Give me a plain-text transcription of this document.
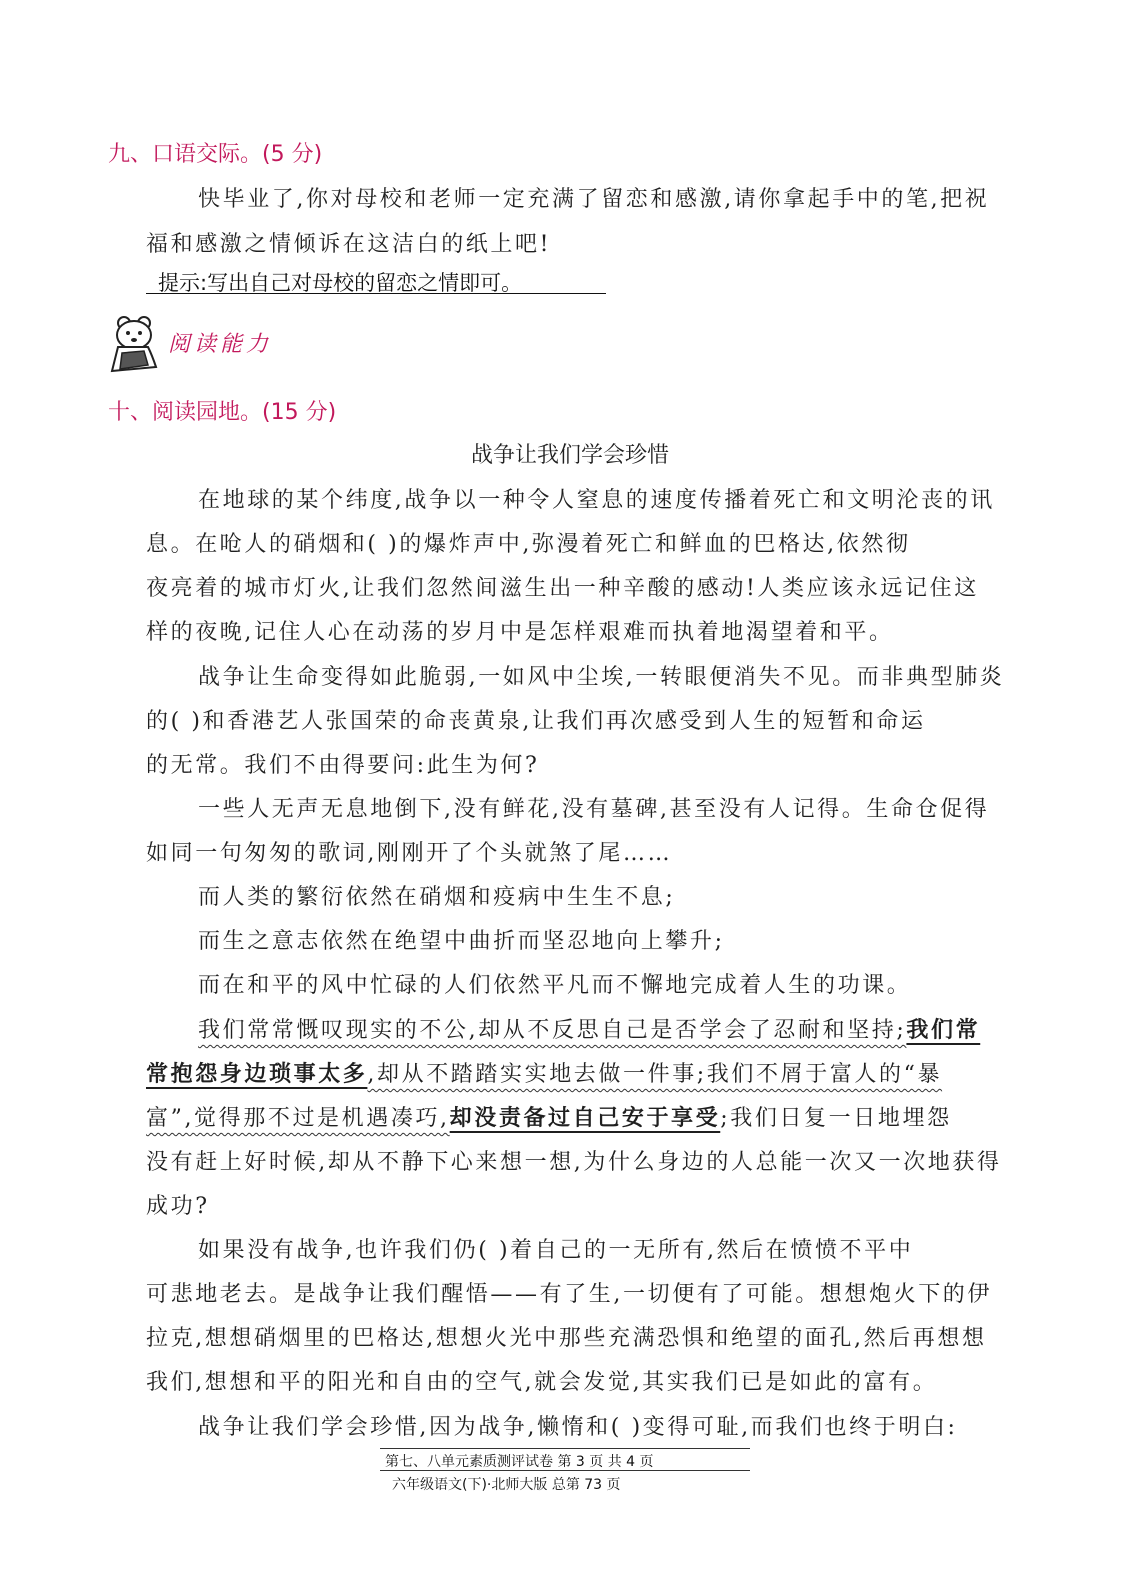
九、口语交际。(5 分)
快毕业了,你对母校和老师一定充满了留恋和感激,请你拿起手中的笔,把祝
福和感激之情倾诉在这洁白的纸上吧!
提示:写出自己对母校的留恋之情即可。
阅读能力
十、阅读园地。(15 分)
战争让我们学会珍惜
在地球的某个纬度,战争以一种令人窒息的速度传播着死亡和文明沦丧的讯
息。在呛人的硝烟和( )的爆炸声中,弥漫着死亡和鲜血的巴格达,依然彻
夜亮着的城市灯火,让我们忽然间滋生出一种辛酸的感动!人类应该永远记住这
样的夜晚,记住人心在动荡的岁月中是怎样艰难而执着地渴望着和平。
战争让生命变得如此脆弱,一如风中尘埃,一转眼便消失不见。而非典型肺炎
的( )和香港艺人张国荣的命丧黄泉,让我们再次感受到人生的短暂和命运
的无常。我们不由得要问:此生为何?
一些人无声无息地倒下,没有鲜花,没有墓碑,甚至没有人记得。生命仓促得
如同一句匆匆的歌词,刚刚开了个头就煞了尾……
而人类的繁衍依然在硝烟和疫病中生生不息;
而生之意志依然在绝望中曲折而坚忍地向上攀升;
而在和平的风中忙碌的人们依然平凡而不懈地完成着人生的功课。
我们常常慨叹现实的不公,却从不反思自己是否学会了忍耐和坚持;我们常
常抱怨身边琐事太多,却从不踏踏实实地去做一件事;我们不屑于富人的“暴
富”,觉得那不过是机遇凑巧,却没责备过自己安于享受;我们日复一日地埋怨
没有赶上好时候,却从不静下心来想一想,为什么身边的人总能一次又一次地获得
成功?
如果没有战争,也许我们仍( )着自己的一无所有,然后在愤愤不平中
可悲地老去。是战争让我们醒悟——有了生,一切便有了可能。想想炮火下的伊
拉克,想想硝烟里的巴格达,想想火光中那些充满恐惧和绝望的面孔,然后再想想
我们,想想和平的阳光和自由的空气,就会发觉,其实我们已是如此的富有。
战争让我们学会珍惜,因为战争,懒惰和( )变得可耻,而我们也终于明白:
第七、八单元素质测评试卷 第 3 页 共 4 页
六年级语文(下)·北师大版 总第 73 页
